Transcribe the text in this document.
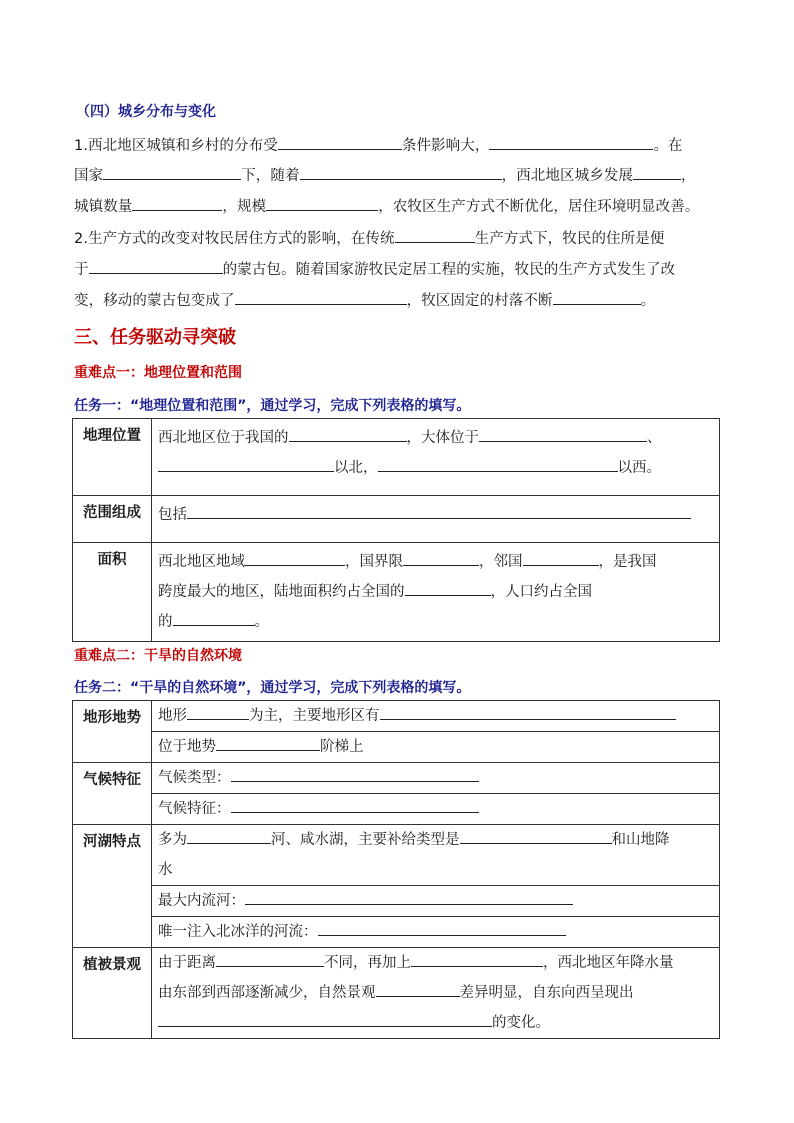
（四）城乡分布与变化
1.西北地区城镇和乡村的分布受	条件影响大，	。在
国家	下，随着	，西北地区城乡发展	，
城镇数量	，规模	，农牧区生产方式不断优化，居住环境明显改善。
2.生产方式的改变对牧民居住方式的影响，在传统	生产方式下，牧民的住所是便
于	的蒙古包。随着国家游牧民定居工程的实施，牧民的生产方式发生了改
变，移动的蒙古包变成了	，牧区固定的村落不断	。
三、任务驱动寻突破
重难点一：地理位置和范围
任务一：“地理位置和范围”，通过学习，完成下列表格的填写。
地理位置	西北地区位于我国的 ，大体位于 、
以北， 以西。

范围组成	包括

面积	西北地区地域 ，国界限 ，邻国 ，是我国
跨度最大的地区，陆地面积约占全国的 ，人口约占全国
的 。
重难点二：干旱的自然环境
任务二：“干旱的自然环境”，通过学习，完成下列表格的填写。
地形地势	地形 为主，主要地形区有

	位于地势 阶梯上

气候特征	气候类型：

	气候特征：

河湖特点	多为 河、咸水湖，主要补给类型是 和山地降
水

	最大内流河：

	唯一注入北冰洋的河流：

植被景观	由于距离 不同，再加上 ，西北地区年降水量
由东部到西部逐渐减少，自然景观 差异明显，自东向西呈现出
的变化。
